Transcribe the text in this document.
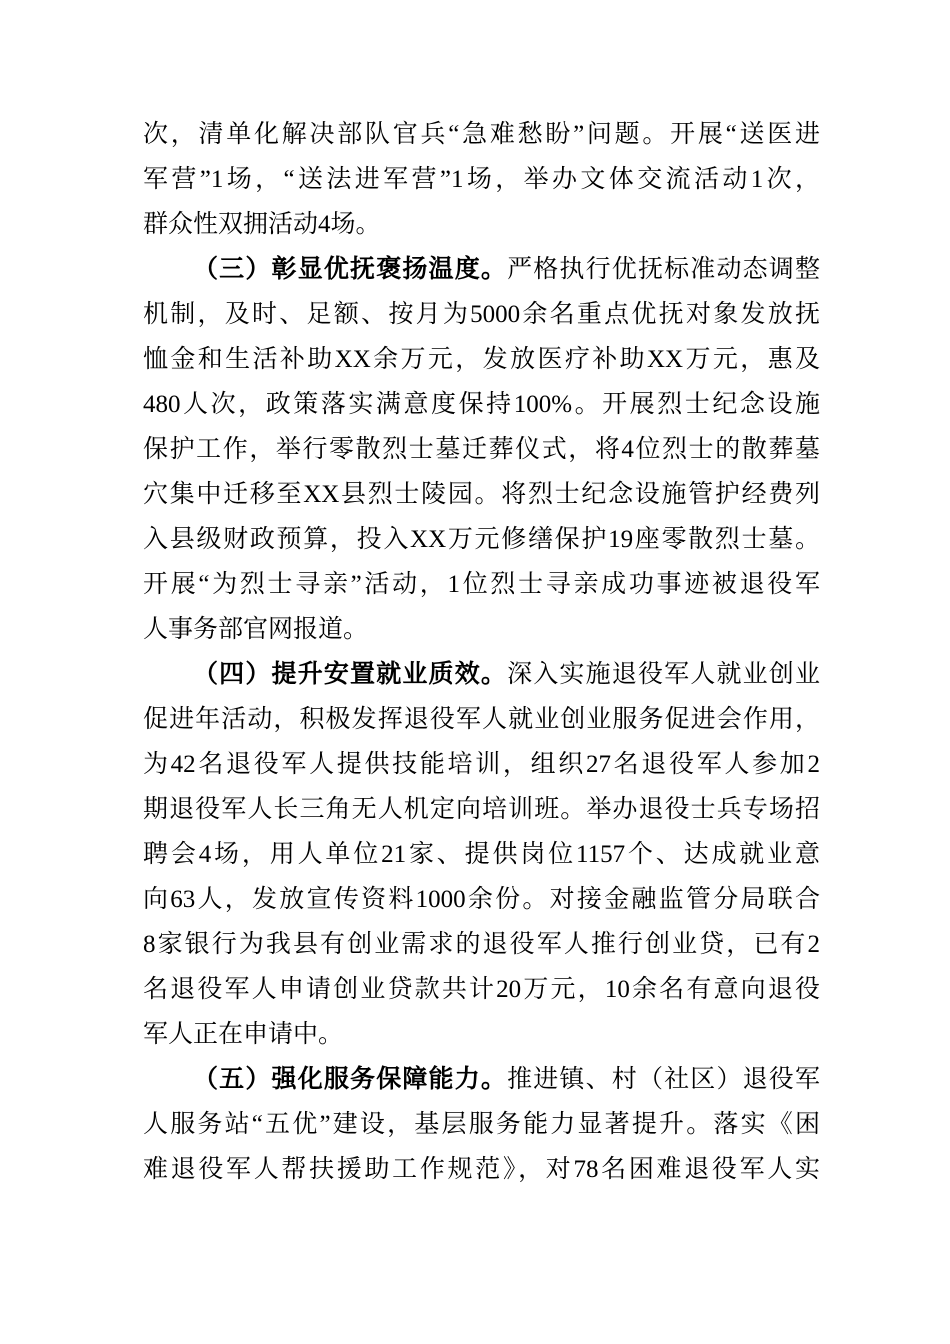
次，清单化解决部队官兵“急难愁盼”问题。开展“送医进
军营”1场，“送法进军营”1场，举办文体交流活动1次，
群众性双拥活动4场。
（三）彰显优抚褒扬温度。严格执行优抚标准动态调整
机制，及时、足额、按月为5000余名重点优抚对象发放抚
恤金和生活补助XX余万元，发放医疗补助XX万元，惠及
480人次，政策落实满意度保持100%。开展烈士纪念设施
保护工作，举行零散烈士墓迁葬仪式，将4位烈士的散葬墓
穴集中迁移至XX县烈士陵园。将烈士纪念设施管护经费列
入县级财政预算，投入XX万元修缮保护19座零散烈士墓。
开展“为烈士寻亲”活动，1位烈士寻亲成功事迹被退役军
人事务部官网报道。
（四）提升安置就业质效。深入实施退役军人就业创业
促进年活动，积极发挥退役军人就业创业服务促进会作用，
为42名退役军人提供技能培训，组织27名退役军人参加2
期退役军人长三角无人机定向培训班。举办退役士兵专场招
聘会4场，用人单位21家、提供岗位1157个、达成就业意
向63人，发放宣传资料1000余份。对接金融监管分局联合
8家银行为我县有创业需求的退役军人推行创业贷，已有2
名退役军人申请创业贷款共计20万元，10余名有意向退役
军人正在申请中。
（五）强化服务保障能力。推进镇、村（社区）退役军
人服务站“五优”建设，基层服务能力显著提升。落实《困
难退役军人帮扶援助工作规范》，对78名困难退役军人实
